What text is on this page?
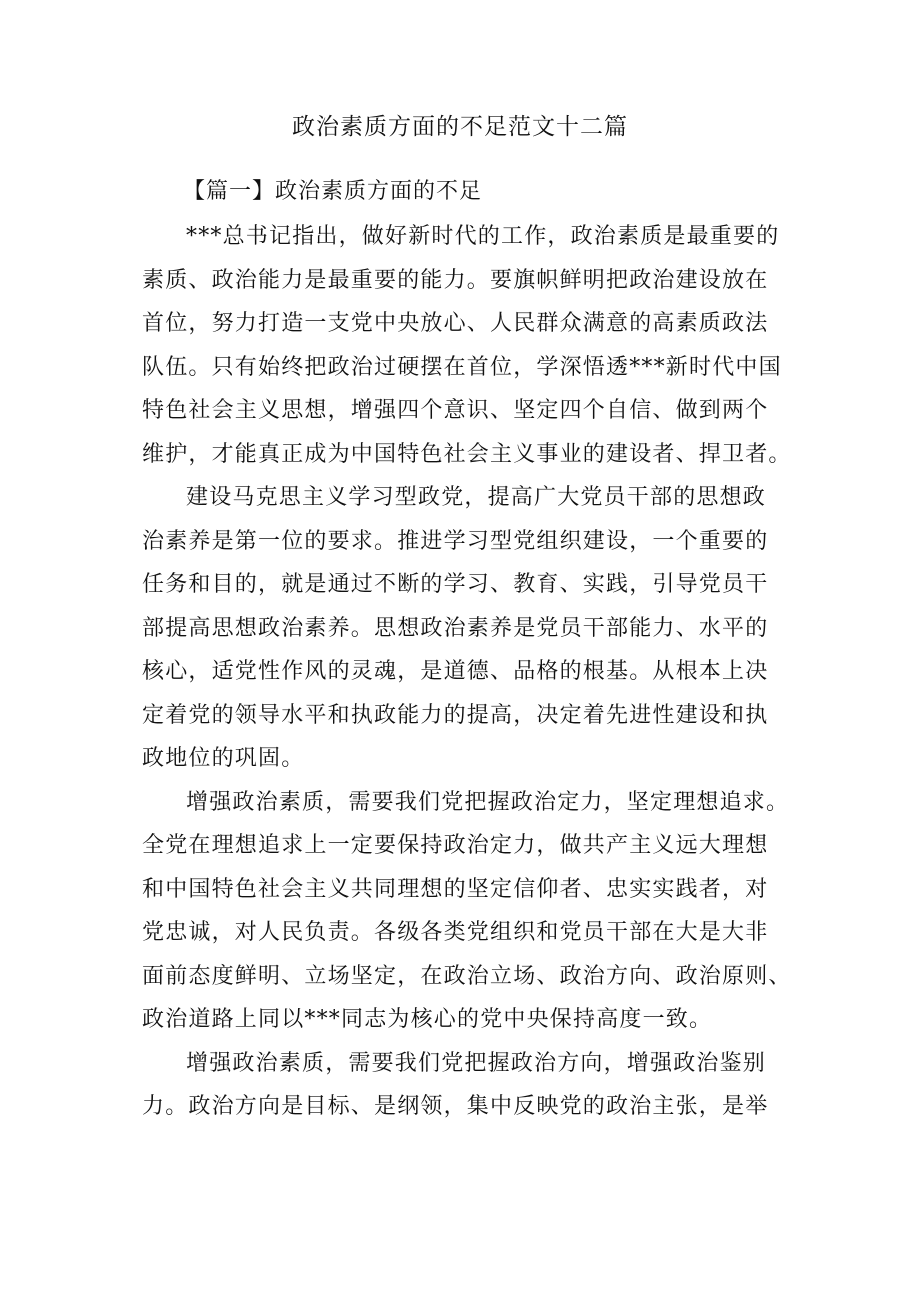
政治素质方面的不足范文十二篇
【篇一】政治素质方面的不足

***总书记指出，做好新时代的工作，政治素质是最重要的
素质、政治能力是最重要的能力。要旗帜鲜明把政治建设放在
首位，努力打造一支党中央放心、人民群众满意的高素质政法
队伍。只有始终把政治过硬摆在首位，学深悟透***新时代中国
特色社会主义思想，增强四个意识、坚定四个自信、做到两个
维护，才能真正成为中国特色社会主义事业的建设者、捍卫者。

建设马克思主义学习型政党，提高广大党员干部的思想政
治素养是第一位的要求。推进学习型党组织建设，一个重要的
任务和目的，就是通过不断的学习、教育、实践，引导党员干
部提高思想政治素养。思想政治素养是党员干部能力、水平的
核心，适党性作风的灵魂，是道德、品格的根基。从根本上决
定着党的领导水平和执政能力的提高，决定着先进性建设和执
政地位的巩固。

增强政治素质，需要我们党把握政治定力，坚定理想追求。
全党在理想追求上一定要保持政治定力，做共产主义远大理想
和中国特色社会主义共同理想的坚定信仰者、忠实实践者，对
党忠诚，对人民负责。各级各类党组织和党员干部在大是大非
面前态度鲜明、立场坚定，在政治立场、政治方向、政治原则、
政治道路上同以***同志为核心的党中央保持高度一致。

增强政治素质，需要我们党把握政治方向，增强政治鉴别
力。政治方向是目标、是纲领，集中反映党的政治主张，是举
